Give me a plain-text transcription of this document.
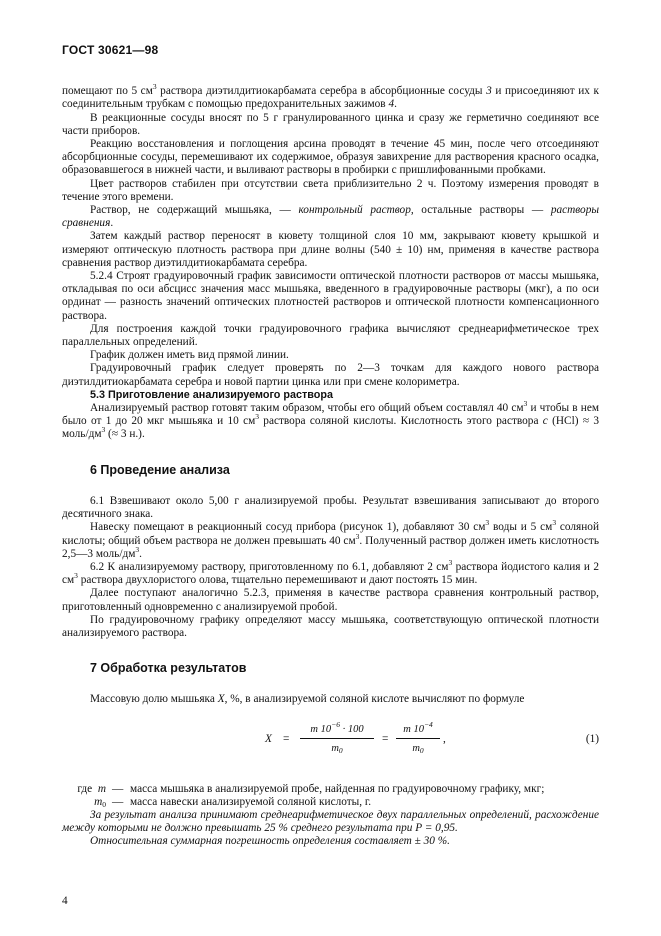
ГОСТ 30621—98

помещают по 5 $см^3$ раствора диэтилдитиокарбамата серебра в абсорбционные сосуды 3 и присоединяют их к соединительным трубкам с помощью предохранительных зажимов 4.

В реакционные сосуды вносят по 5 г гранулированного цинка и сразу же герметично соединяют все части приборов.

Реакцию восстановления и поглощения арсина проводят в течение 45 мин, после чего отсоединяют абсорбционные сосуды, перемешивают их содержимое, образуя завихрение для растворения красного осадка, образовавшегося в нижней части, и выливают растворы в пробирки с пришлифованными пробками.

Цвет растворов стабилен при отсутствии света приблизительно 2 ч. Поэтому измерения проводят в течение этого времени.

Раствор, не содержащий мышьяка, — контрольный раствор, остальные растворы — растворы сравнения.

Затем каждый раствор переносят в кювету толщиной слоя 10 мм, закрывают кювету крышкой и измеряют оптическую плотность раствора при длине волны (540 ± 10) нм, применяя в качестве раствора сравнения раствор диэтилдитиокарбамата серебра.

5.2.4 Строят градуировочный график зависимости оптической плотности растворов от массы мышьяка, откладывая по оси абсцисс значения масс мышьяка, введенного в градуировочные растворы (мкг), а по оси ординат — разность значений оптических плотностей растворов и оптической плотности компенсационного раствора.

Для построения каждой точки градуировочного графика вычисляют среднеарифметическое трех параллельных определений.

График должен иметь вид прямой линии.

Градуировочный график следует проверять по 2—3 точкам для каждого нового раствора диэтилдитиокарбамата серебра и новой партии цинка или при смене колориметра.

5.3 Приготовление анализируемого раствора

Анализируемый раствор готовят таким образом, чтобы его общий объем составлял 40 $см^3$ и чтобы в нем было от 1 до 20 мкг мышьяка и 10 $см^3$ раствора соляной кислоты. Кислотность этого раствора с (HCl) ≈ 3 моль/$дм^3$ (≈ 3 н.).

6 Проведение анализа

6.1 Взвешивают около 5,00 г анализируемой пробы. Результат взвешивания записывают до второго десятичного знака.

Навеску помещают в реакционный сосуд прибора (рисунок 1), добавляют 30 $см^3$ воды и 5 $см^3$ соляной кислоты; общий объем раствора не должен превышать 40 $см^3$. Полученный раствор должен иметь кислотность 2,5—3 моль/$дм^3$.

6.2 К анализируемому раствору, приготовленному по 6.1, добавляют 2 $см^3$ раствора йодистого калия и 2 $см^3$ раствора двухлористого олова, тщательно перемешивают и дают постоять 15 мин.

Далее поступают аналогично 5.2.3, применяя в качестве раствора сравнения контрольный раствор, приготовленный одновременно с анализируемой пробой.

По градуировочному графику определяют массу мышьяка, соответствующую оптической плотности анализируемого раствора.

7 Обработка результатов

Массовую долю мышьяка X, %, в анализируемой соляной кислоте вычисляют по формуле

$X = \frac{m 10^{-6} \cdot 100}{m_0} = \frac{m 10^{-4}}{m_0}$ ,	(1)
где m — масса мышьяка в анализируемой пробе, найденная по градуировочному графику, мкг;
$m_0$ — масса навески анализируемой соляной кислоты, г.

За результат анализа принимают среднеарифметическое двух параллельных определений, расхождение между которыми не должно превышать 25 % среднего результата при P = 0,95.

Относительная суммарная погрешность определения составляет ± 30 %.

4
